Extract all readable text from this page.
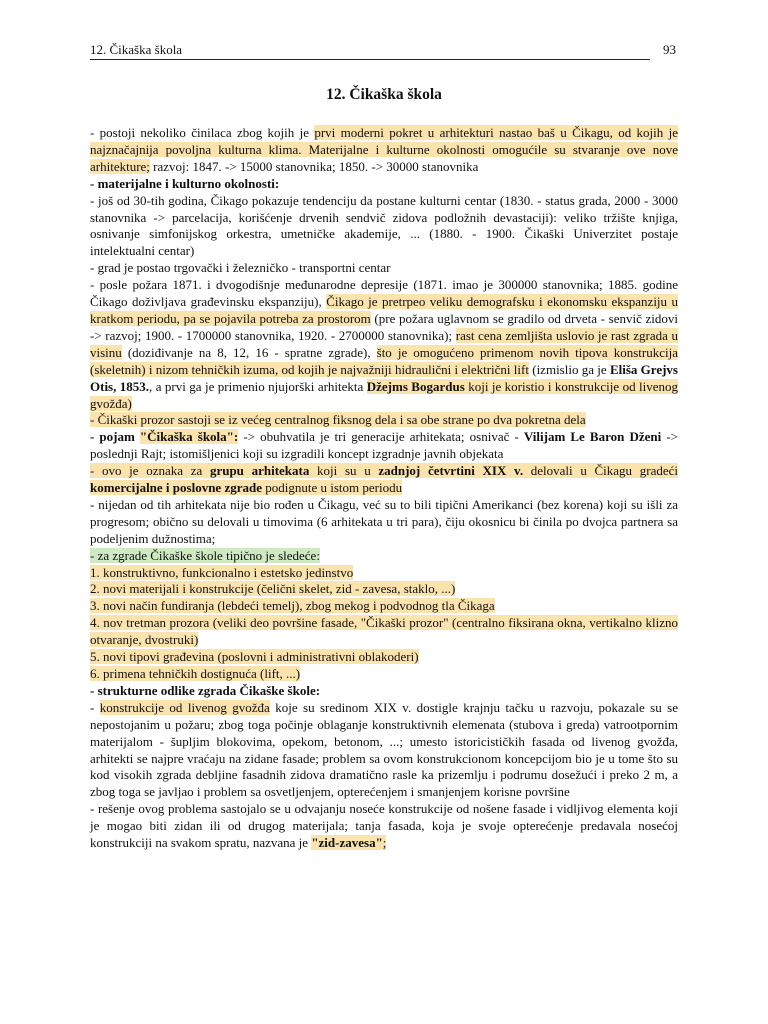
12. Čikaška škola	93
12. Čikaška škola

- postoji nekoliko činilaca zbog kojih je prvi moderni pokret u arhitekturi nastao baš u Čikagu, od kojih je najznačajnija povoljna kulturna klima. Materijalne i kulturne okolnosti omogućile su stvaranje ove nove arhitekture; razvoj: 1847. -> 15000 stanovnika; 1850. -> 30000 stanovnika

- materijalne i kulturno okolnosti:

- još od 30-tih godina, Čikago pokazuje tendenciju da postane kulturni centar (1830. - status grada, 2000 - 3000 stanovnika -> parcelacija, korišćenje drvenih sendvič zidova podložnih devastaciji): veliko tržište knjiga, osnivanje simfonijskog orkestra, umetničke akademije, ... (1880. - 1900. Čikaški Univerzitet postaje intelektualni centar)

- grad je postao trgovački i železničko - transportni centar

- posle požara 1871. i dvogodišnje međunarodne depresije (1871. imao je 300000 stanovnika; 1885. godine Čikago doživljava građevinsku ekspanziju), Čikago je pretrpeo veliku demografsku i ekonomsku ekspanziju u kratkom periodu, pa se pojavila potreba za prostorom (pre požara uglavnom se gradilo od drveta - senvič zidovi -> razvoj; 1900. - 1700000 stanovnika, 1920. - 2700000 stanovnika); rast cena zemljišta uslovio je rast zgrada u visinu (doziđivanje na 8, 12, 16 - spratne zgrade), što je omogućeno primenom novih tipova konstrukcija (skeletnih) i nizom tehničkih izuma, od kojih je najvažniji hidraulični i električni lift (izmislio ga je Eliša Grejvs Otis, 1853., a prvi ga je primenio njujorški arhitekta Džejms Bogardus koji je koristio i konstrukcije od livenog gvožđa)

- Čikaški prozor sastoji se iz većeg centralnog fiksnog dela i sa obe strane po dva pokretna dela

- pojam "Čikaška škola": -> obuhvatila je tri generacije arhitekata; osnivač - Vilijam Le Baron Dženi -> poslednji Rajt; istomišljenici koji su izgradili koncept izgradnje javnih objekata

- ovo je oznaka za grupu arhitekata koji su u zadnjoj četvrtini XIX v. delovali u Čikagu gradeći komercijalne i poslovne zgrade podignute u istom periodu

- nijedan od tih arhitekata nije bio rođen u Čikagu, već su to bili tipični Amerikanci (bez korena) koji su išli za progresom; obično su delovali u timovima (6 arhitekata u tri para), čiju okosnicu bi činila po dvojca partnera sa podeljenim dužnostima;

- za zgrade Čikaške škole tipično je sledeće:

1. konstruktivno, funkcionalno i estetsko jedinstvo

2. novi materijali i konstrukcije (čelični skelet, zid - zavesa, staklo, ...)

3. novi način fundiranja (lebdeći temelj), zbog mekog i podvodnog tla Čikaga

4. nov tretman prozora (veliki deo površine fasade, "Čikaški prozor" (centralno fiksirana okna, vertikalno klizno otvaranje, dvostruki)

5. novi tipovi građevina (poslovni i administrativni oblakoderi)

6. primena tehničkih dostignuća (lift, ...)

- strukturne odlike zgrada Čikaške škole:

- konstrukcije od livenog gvožđa koje su sredinom XIX v. dostigle krajnju tačku u razvoju, pokazale su se nepostojanim u požaru; zbog toga počinje oblaganje konstruktivnih elemenata (stubova i greda) vatrootpornim materijalom - šupljim blokovima, opekom, betonom, ...; umesto istoricističkih fasada od livenog gvožđa, arhitekti se najpre vraćaju na zidane fasade; problem sa ovom konstrukcionom koncepcijom bio je u tome što su kod visokih zgrada debljine fasadnih zidova dramatično rasle ka prizemlju i podrumu dosežući i preko 2 m, a zbog toga se javljao i problem sa osvetljenjem, opterećenjem i smanjenjem korisne površine

- rešenje ovog problema sastojalo se u odvajanju noseće konstrukcije od nošene fasade i vidljivog elementa koji je mogao biti zidan ili od drugog materijala; tanja fasada, koja je svoje opterećenje predavala nosećoj konstrukciji na svakom spratu, nazvana je "zid-zavesa";
